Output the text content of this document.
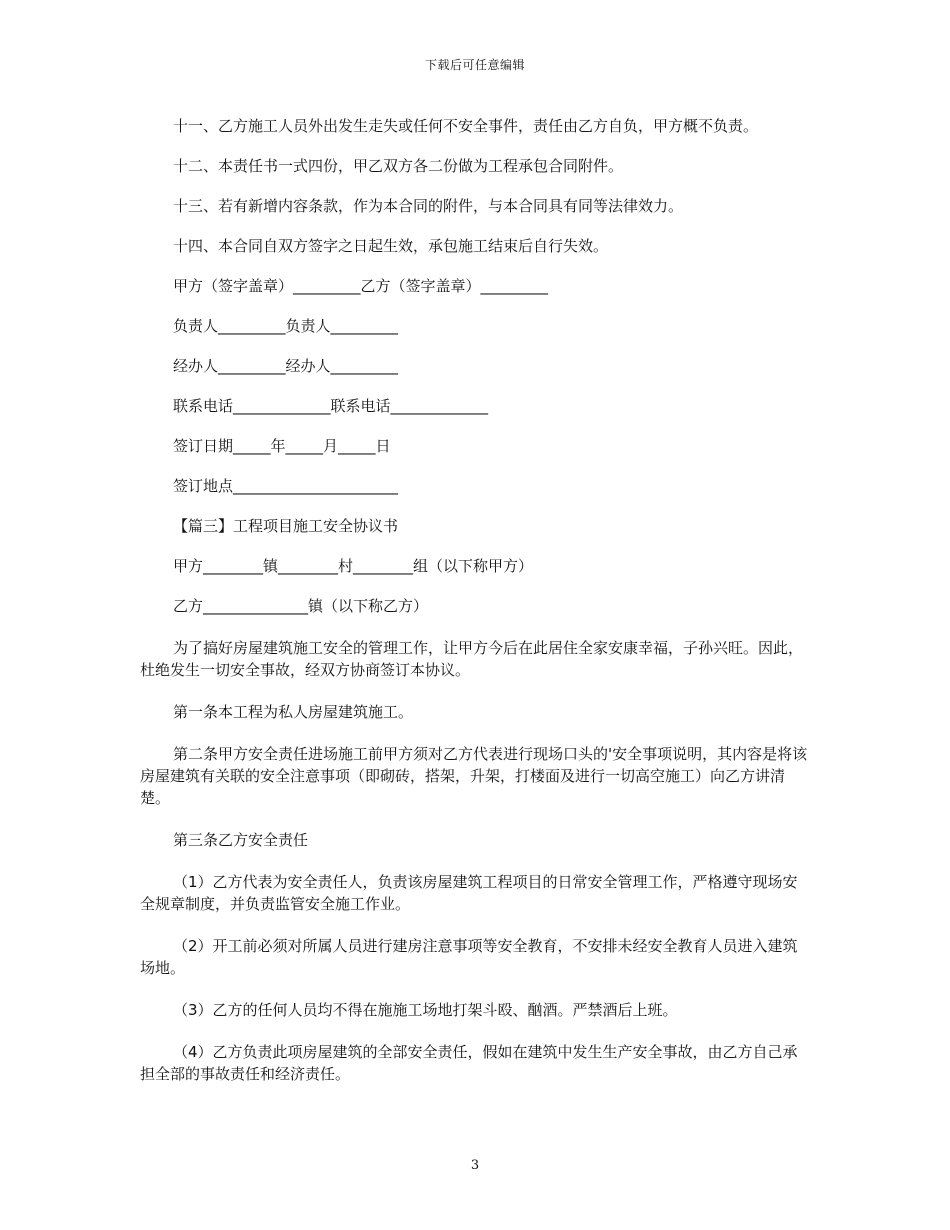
下载后可任意编辑

十一、乙方施工人员外出发生走失或任何不安全事件，责任由乙方自负，甲方概不负责。

十二、本责任书一式四份，甲乙双方各二份做为工程承包合同附件。

十三、若有新增内容条款，作为本合同的附件，与本合同具有同等法律效力。

十四、本合同自双方签字之日起生效，承包施工结束后自行失效。

甲方（签字盖章）_________乙方（签字盖章）_________

负责人_________负责人_________

经办人_________经办人_________

联系电话_____________联系电话_____________

签订日期_____年_____月_____日

签订地点______________________

【篇三】工程项目施工安全协议书

甲方________镇________村________组（以下称甲方）

乙方______________镇（以下称乙方）

为了搞好房屋建筑施工安全的管理工作，让甲方今后在此居住全家安康幸福，子孙兴旺。因此，杜绝发生一切安全事故，经双方协商签订本协议。

第一条本工程为私人房屋建筑施工。

第二条甲方安全责任进场施工前甲方须对乙方代表进行现场口头的'安全事项说明，其内容是将该房屋建筑有关联的安全注意事项（即砌砖，搭架，升架，打楼面及进行一切高空施工）向乙方讲清楚。

第三条乙方安全责任

（1）乙方代表为安全责任人，负责该房屋建筑工程项目的日常安全管理工作，严格遵守现场安全规章制度，并负责监管安全施工作业。

（2）开工前必须对所属人员进行建房注意事项等安全教育，不安排未经安全教育人员进入建筑场地。

（3）乙方的任何人员均不得在施施工场地打架斗殴、酗酒。严禁酒后上班。

（4）乙方负责此项房屋建筑的全部安全责任，假如在建筑中发生生产安全事故，由乙方自己承担全部的事故责任和经济责任。

3
